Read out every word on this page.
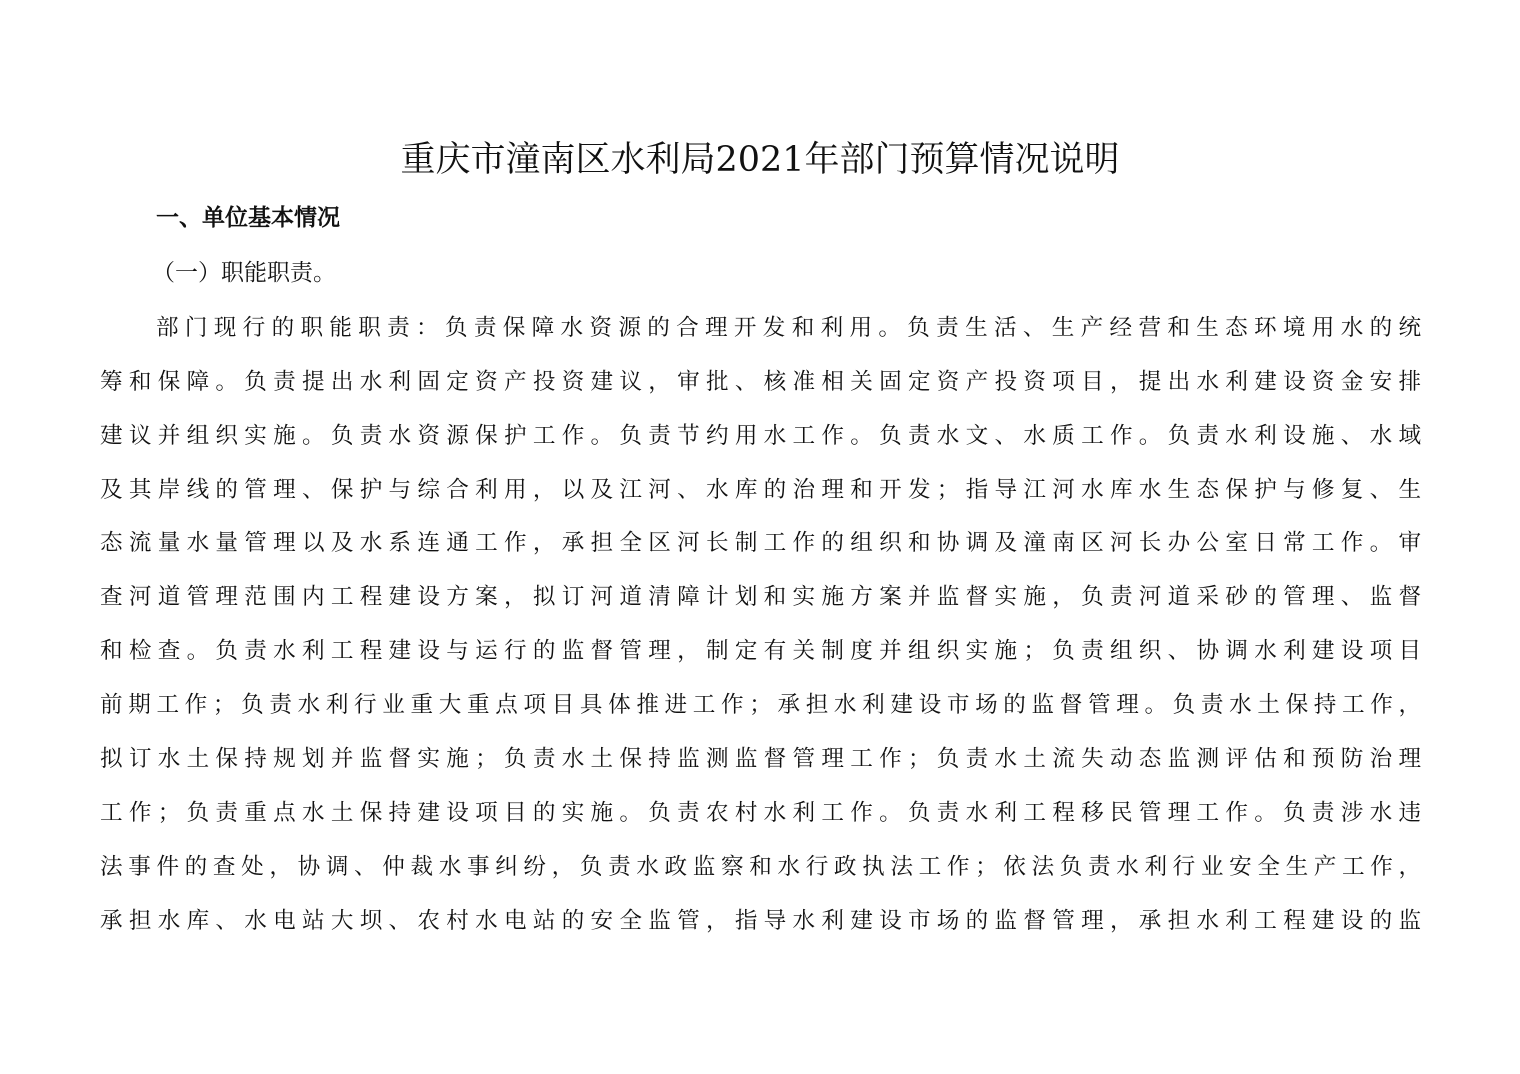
重庆市潼南区水利局2021年部门预算情况说明
一、单位基本情况
（一）职能职责。
部门现行的职能职责：负责保障水资源的合理开发和利用。负责生活、生产经营和生态环境用水的统
筹和保障。负责提出水利固定资产投资建议，审批、核准相关固定资产投资项目，提出水利建设资金安排
建议并组织实施。负责水资源保护工作。负责节约用水工作。负责水文、水质工作。负责水利设施、水域
及其岸线的管理、保护与综合利用，以及江河、水库的治理和开发；指导江河水库水生态保护与修复、生
态流量水量管理以及水系连通工作，承担全区河长制工作的组织和协调及潼南区河长办公室日常工作。审
查河道管理范围内工程建设方案，拟订河道清障计划和实施方案并监督实施，负责河道采砂的管理、监督
和检查。负责水利工程建设与运行的监督管理，制定有关制度并组织实施；负责组织、协调水利建设项目
前期工作；负责水利行业重大重点项目具体推进工作；承担水利建设市场的监督管理。负责水土保持工作，
拟订水土保持规划并监督实施；负责水土保持监测监督管理工作；负责水土流失动态监测评估和预防治理
工作；负责重点水土保持建设项目的实施。负责农村水利工作。负责水利工程移民管理工作。负责涉水违
法事件的查处，协调、仲裁水事纠纷，负责水政监察和水行政执法工作；依法负责水利行业安全生产工作，
承担水库、水电站大坝、农村水电站的安全监管，指导水利建设市场的监督管理，承担水利工程建设的监
